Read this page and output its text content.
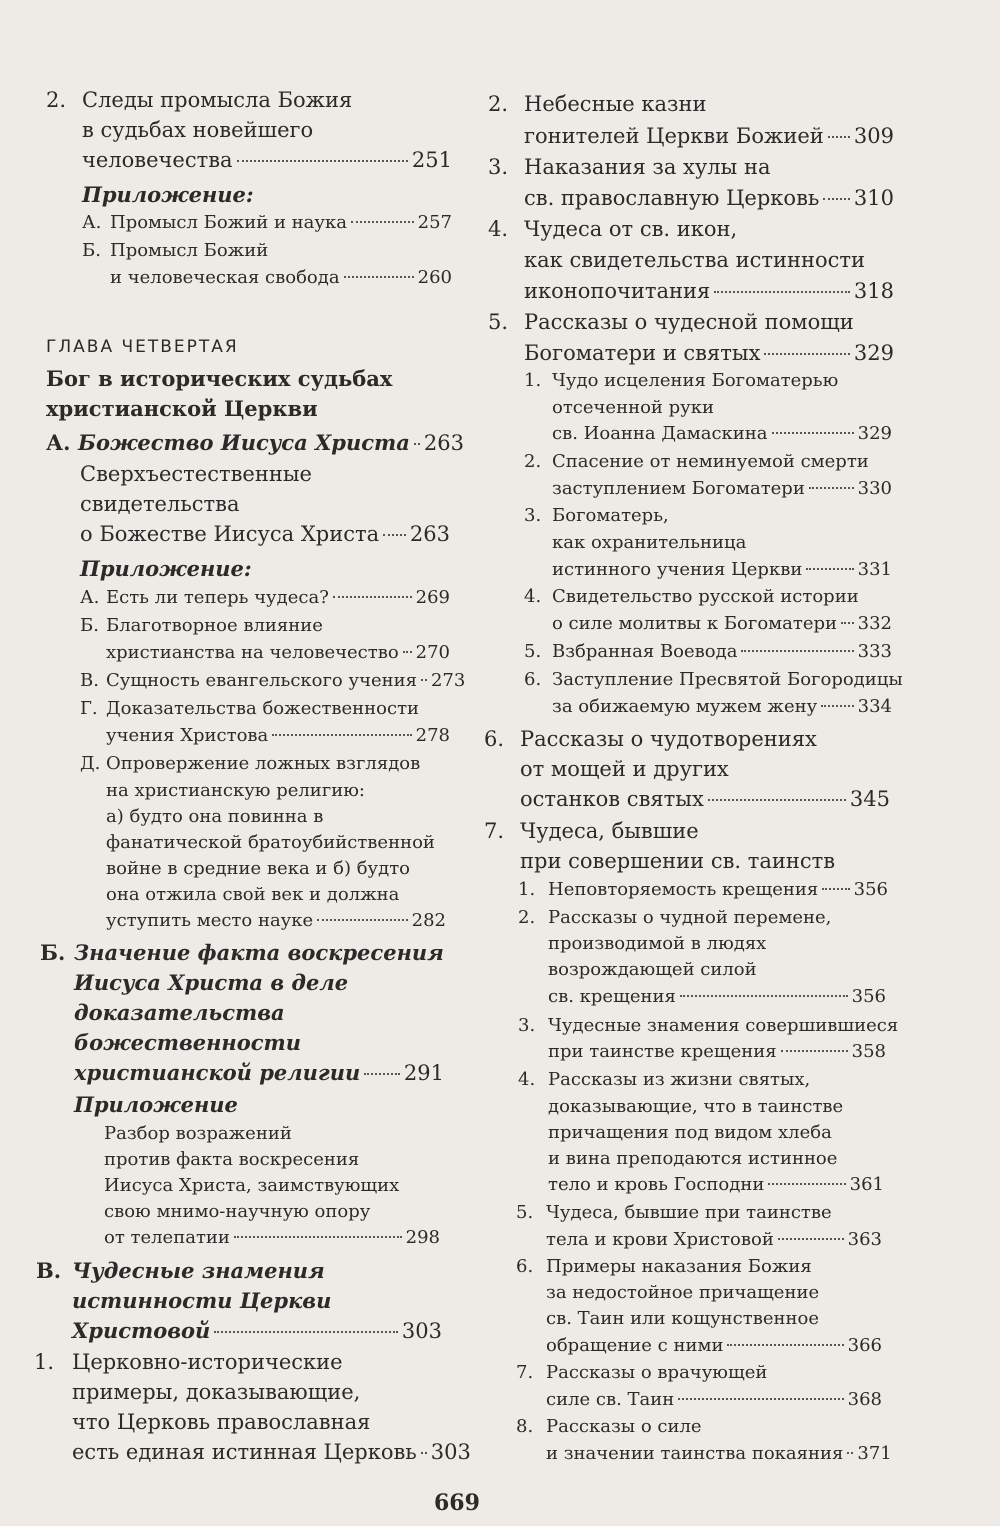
2. Следы промысла Божия
в судьбах новейшего
человечества	251
Приложение:
А. Промысл Божий и наука	257
Б. Промысл Божий
и человеческая свобода	260
ГЛАВА ЧЕТВЕРТАЯ
Бог в исторических судьбах
христианской Церкви
А. Божество Иисуса Христа 263
Сверхъестественные
свидетельства
о Божестве Иисуса Христа 263
Приложение:
А. Есть ли теперь чудеса?	269
Б. Благотворное влияние
христианства на человечество 270
В. Сущность евангельского учения 273
Г. Доказательства божественности
учения Христова	278
Д. Опровержение ложных взглядов
на христианскую религию:
а) будто она повинна в
фанатической братоубийственной
войне в средние века и б) будто
она отжила свой век и должна
уступить место науке	282
Б. Значение факта воскресения
Иисуса Христа в деле
доказательства
божественности
христианской религии 291
Приложение
Разбор возражений
против факта воскресения
Иисуса Христа, заимствующих
свою мнимо-научную опору
от телепатии	298
В. Чудесные знамения
истинности Церкви
Христовой	303
1. Церковно-исторические
примеры, доказывающие,
что Церковь православная
есть единая истинная Церковь 303
2. Небесные казни
гонителей Церкви Божией 309
3. Наказания за хулы на
св. православную Церковь 310
4. Чудеса от св. икон,
как свидетельства истинности
иконопочитания	318
5. Рассказы о чудесной помощи
Богоматери и святых	329
1. Чудо исцеления Богоматерью
отсеченной руки
св. Иоанна Дамаскина	329
2. Спасение от неминуемой смерти
заступлением Богоматери	330
3. Богоматерь,
как охранительница
истинного учения Церкви	331
4. Свидетельство русской истории
о силе молитвы к Богоматери 332
5. Взбранная Воевода	333
6. Заступление Пресвятой Богородицы
за обижаемую мужем жену 334
6. Рассказы о чудотворениях
от мощей и других
останков святых	345
7. Чудеса, бывшие
при совершении св. таинств
1. Неповторяемость крещения 356
2. Рассказы о чудной перемене,
производимой в людях
возрождающей силой
св. крещения	356
3. Чудесные знамения совершившиеся
при таинстве крещения	358
4. Рассказы из жизни святых,
доказывающие, что в таинстве
причащения под видом хлеба
и вина преподаются истинное
тело и кровь Господни	361
5. Чудеса, бывшие при таинстве
тела и крови Христовой	363
6. Примеры наказания Божия
за недостойное причащение
св. Таин или кощунственное
обращение с ними	366
7. Рассказы о врачующей
силе св. Таин	368
8. Рассказы о силе
и значении таинства покаяния 371
669
